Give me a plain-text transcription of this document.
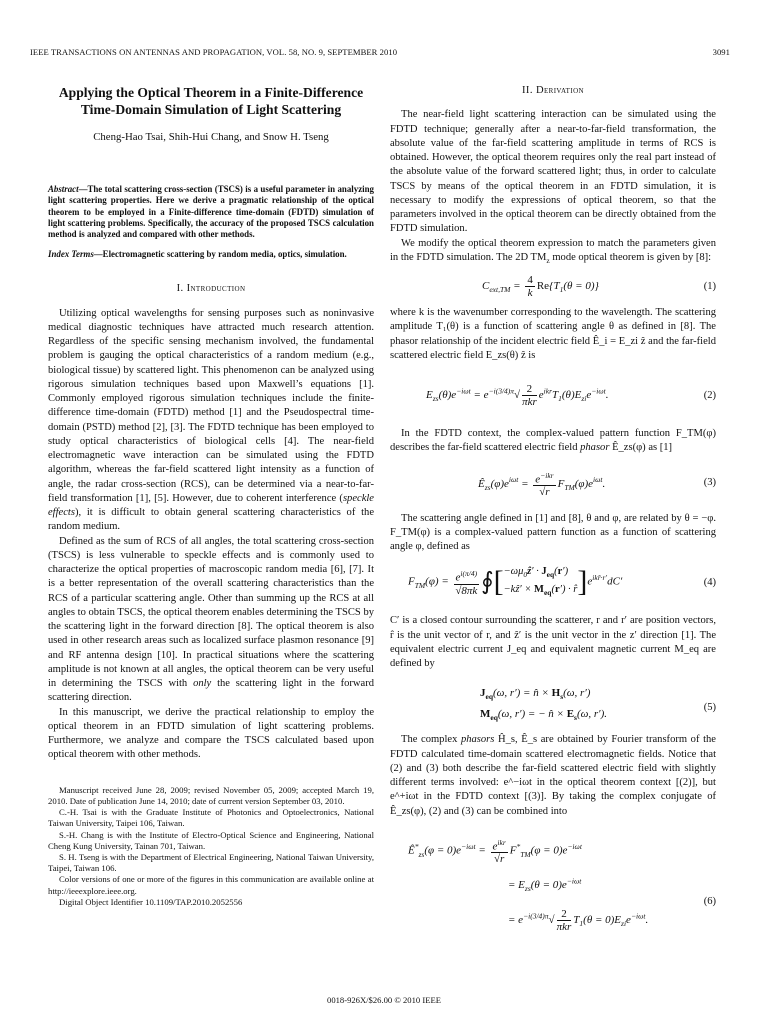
IEEE TRANSACTIONS ON ANTENNAS AND PROPAGATION, VOL. 58, NO. 9, SEPTEMBER 2010	3091
Applying the Optical Theorem in a Finite-Difference
Time-Domain Simulation of Light Scattering
Cheng-Hao Tsai, Shih-Hui Chang, and Snow H. Tseng
Abstract—The total scattering cross-section (TSCS) is a useful parameter in analyzing light scattering properties. Here we derive a pragmatic relationship of the optical theorem to be employed in a Finite-difference time-domain (FDTD) simulation of light scattering problems. Specifically, the accuracy of the proposed TSCS calculation method is analyzed and compared with other methods.
Index Terms—Electromagnetic scattering by random media, optics, simulation.
I. Introduction

Utilizing optical wavelengths for sensing purposes such as noninvasive medical diagnostic techniques have attracted much research attention. Regardless of the specific sensing mechanism involved, the fundamental problem is gauging the optical characteristics of a random medium (e.g., biological tissue) by scattered light. This phenomenon can be analyzed using rigorous simulation techniques based upon Maxwell’s equations [1]. Commonly employed rigorous simulation techniques include the finite-difference time-domain (FDTD) method [1] and the Pseudospectral time-domain (PSTD) method [2], [3]. The FDTD technique has been employed to study optical characteristics of biological cells [4]. The near-field electromagnetic wave interaction can be simulated using the FDTD algorithm, whereas the far-field scattered light intensity as a function of angle, the radar cross-section (RCS), can be determined via a near-to-far-field transformation [1], [5]. However, due to coherent interference (speckle effects), it is difficult to obtain general scattering characteristics of the random medium.

Defined as the sum of RCS of all angles, the total scattering cross-section (TSCS) is less vulnerable to speckle effects and is commonly used to characterize the optical properties of macroscopic random media [6], [7]. It is a better representation of the overall scattering characteristics than the RCS of a particular scattering angle. Other than summing up the RCS at all angles to obtain TSCS, the optical theorem enables determining the TSCS by the scattering light in the forward direction [8]. The optical theorem is also used in other research areas such as localized surface plasmon resonance [9] and RF antenna design [10]. In practical situations where the scattering amplitude is not known at all angles, the optical theorem can be very useful in determining the TSCS with only the scattering light in the forward scattering direction.

In this manuscript, we derive the practical relationship to employ the optical theorem in an FDTD simulation of light scattering problems. Furthermore, we analyze and compare the TSCS calculated based upon optical theorem with other methods.

Manuscript received June 28, 2009; revised November 05, 2009; accepted March 19, 2010. Date of publication June 14, 2010; date of current version September 03, 2010.

C.-H. Tsai is with the Graduate Institute of Photonics and Optoelectronics, National Taiwan University, Taipei 106, Taiwan.

S.-H. Chang is with the Institute of Electro-Optical Science and Engineering, National Cheng Kung University, Tainan 701, Taiwan.

S. H. Tseng is with the Department of Electrical Engineering, National Taiwan University, Taipei, Taiwan 106.

Color versions of one or more of the figures in this communication are available online at http://ieeexplore.ieee.org.

Digital Object Identifier 10.1109/TAP.2010.2052556

II. Derivation

The near-field light scattering interaction can be simulated using the FDTD technique; generally after a near-to-far-field transformation, the absolute value of the far-field scattering amplitude in terms of RCS is obtained. However, the optical theorem requires only the real part instead of the absolute value of the forward scattered light; thus, in order to calculate TSCS by means of the optical theorem in an FDTD simulation, it is necessary to modify the expressions of optical theorem, so that the parameters involved in the optical theorem can be directly obtained from the FDTD simulation.

We modify the optical theorem expression to match the parameters given in the FDTD simulation. The 2D $TM_z$ mode optical theorem is given by [8]:

$C_{ext,TM} = \frac{4}{k} Re\{T_1(\theta = 0)\}$	(1)

where k is the wavenumber corresponding to the wavelength. The scattering amplitude T₁(θ) is a function of scattering angle θ as defined in [8]. The phasor relationship of the incident electric field Ê_i = E_zi ẑ and the far-field scattered electric field E_zs(θ) ẑ is

$E_{zs}(\theta)e^{-i\omega t} = e^{-i(3/4)\pi}√ \frac{2}{\text{πkr}} e^{ikr}T_1(\theta)E_{zi}e^{-i\omega t}$.	(2)

In the FDTD context, the complex-valued pattern function F_TM(φ) describes the far-field scattered electric field phasor Ê_zs(φ) as [1]

$Ê_{zs}(\varphi)e^{i\omega t} = \frac{e^{-ikr}}{√r} F_{TM}(\varphi)e^{i\omega t}$.	(3)

The scattering angle defined in [1] and [8], θ and φ, are related by θ = −φ. F_TM(φ) is a complex-valued pattern function as a function of scattering angle φ, defined as

$F_{TM}(\varphi) = \frac{e^{i(\pi/4)}}{√8\pi k}$ $∮[-\omega\mu_0ẑ' \cdot J_{eq}(r')$
−kẑ′ × $M_{eq}(r')$ · $r̂]e^{ikr̂\cdot r'}dC'$	(4)

C′ is a closed contour surrounding the scatterer, r and r′ are position vectors, r̂ is the unit vector of r, and ẑ′ is the unit vector in the z′ direction [1]. The equivalent electric current J_eq and equivalent magnetic current M_eq are defined by

$J_{eq}(\omega$, r′) = n̂ × $H_s(\omega$, r′)
$M_{eq}(\omega$, r′) = − n̂ × $E_s(\omega$, r′).	(5)

The complex phasors Ĥ_s, Ê_s are obtained by Fourier transform of the FDTD calculated time-domain scattered electromagnetic fields. Notice that (2) and (3) both describe the far-field scattered electric field with slightly different terms involved: e^−iωt in the optical theorem context [(2)], but e^+iωt in the FDTD context [(3)]. By taking the complex conjugate of Ê_zs(φ), (2) and (3) can be combined into

$Ê^*_{zs}(\varphi = 0)e^{-i\omega t} = \frac{e^{ikr}}{√r} F^*_{TM}(\varphi = 0)e^{-i\omega t}$
= $E_{zs}(\theta = 0)e^{-i\omega t}$
= $e^{-i(3/4)\pi}√ \frac{2}{\text{πkr}} T_1(\theta = 0)E_{zi}e^{-i\omega t}$.
(6)
0018-926X/$26.00 © 2010 IEEE
